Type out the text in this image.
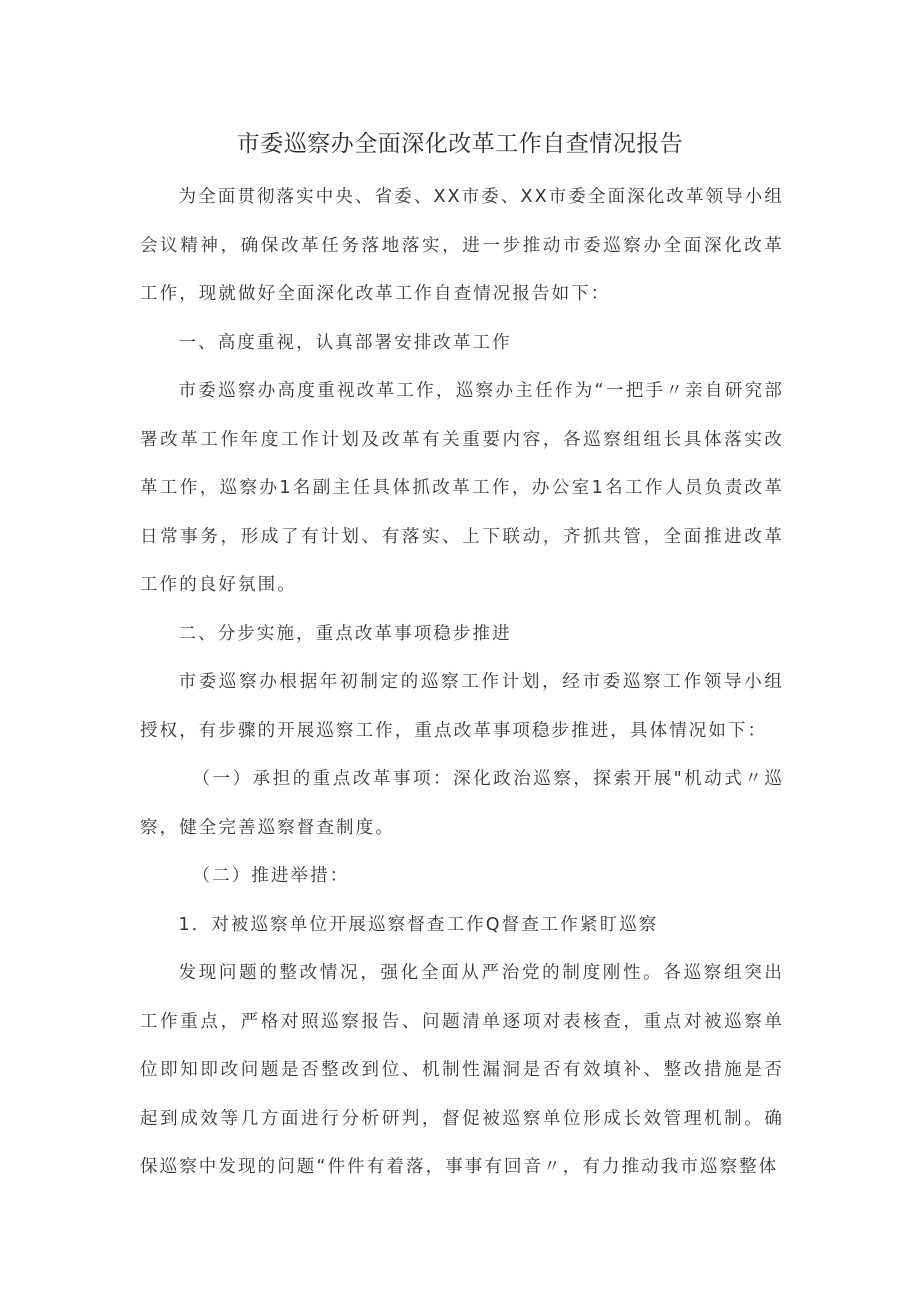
市委巡察办全面深化改革工作自查情况报告

为全面贯彻落实中央、省委、XX市委、XX市委全面深化改革领导小组会议精神，确保改革任务落地落实，进一步推动市委巡察办全面深化改革工作，现就做好全面深化改革工作自查情况报告如下：

一、高度重视，认真部署安排改革工作

市委巡察办高度重视改革工作，巡察办主任作为“一把手〃亲自研究部署改革工作年度工作计划及改革有关重要内容，各巡察组组长具体落实改革工作，巡察办1名副主任具体抓改革工作，办公室1名工作人员负责改革日常事务，形成了有计划、有落实、上下联动，齐抓共管，全面推进改革工作的良好氛围。

二、分步实施，重点改革事项稳步推进

市委巡察办根据年初制定的巡察工作计划，经市委巡察工作领导小组授权，有步骤的开展巡察工作，重点改革事项稳步推进，具体情况如下：

（一）承担的重点改革事项：深化政治巡察，探索开展"机动式〃巡察，健全完善巡察督查制度。

（二）推进举措：

1．对被巡察单位开展巡察督查工作Q督查工作紧盯巡察

发现问题的整改情况，强化全面从严治党的制度刚性。各巡察组突出工作重点，严格对照巡察报告、问题清单逐项对表核查，重点对被巡察单位即知即改问题是否整改到位、机制性漏洞是否有效填补、整改措施是否起到成效等几方面进行分析研判，督促被巡察单位形成长效管理机制。确保巡察中发现的问题“件件有着落，事事有回音〃，有力推动我市巡察整体
